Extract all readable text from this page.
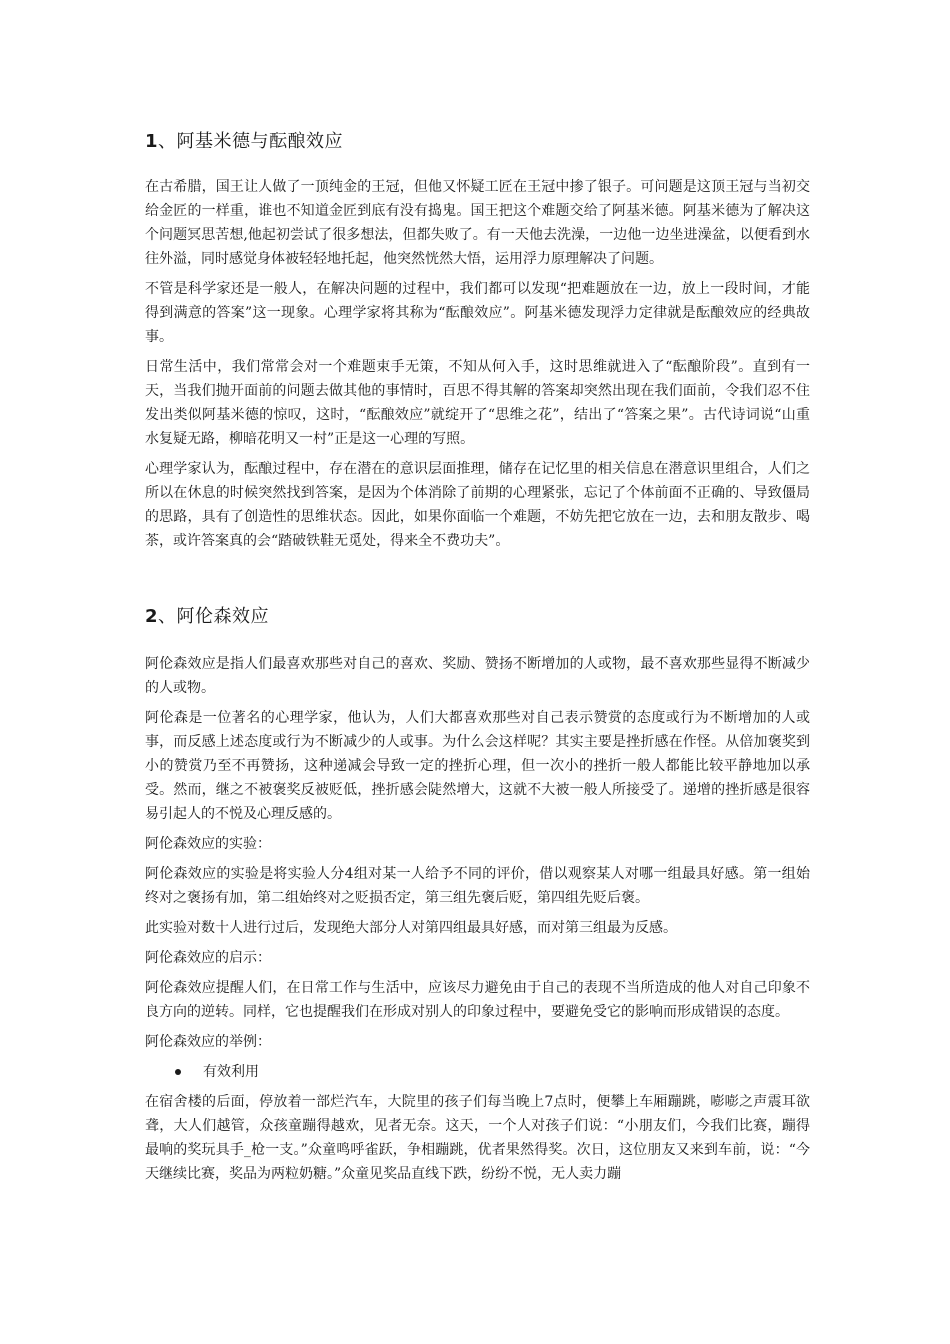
1、阿基米德与酝酿效应

在古希腊，国王让人做了一顶纯金的王冠，但他又怀疑工匠在王冠中掺了银子。可问题是这顶王冠与当初交给金匠的一样重，谁也不知道金匠到底有没有捣鬼。国王把这个难题交给了阿基米德。阿基米德为了解决这个问题冥思苦想,他起初尝试了很多想法，但都失败了。有一天他去洗澡，一边他一边坐进澡盆，以便看到水往外溢，同时感觉身体被轻轻地托起，他突然恍然大悟，运用浮力原理解决了问题。

不管是科学家还是一般人，在解决问题的过程中，我们都可以发现“把难题放在一边，放上一段时间，才能得到满意的答案”这一现象。心理学家将其称为“酝酿效应”。阿基米德发现浮力定律就是酝酿效应的经典故事。

日常生活中，我们常常会对一个难题束手无策，不知从何入手，这时思维就进入了“酝酿阶段”。直到有一天，当我们抛开面前的问题去做其他的事情时，百思不得其解的答案却突然出现在我们面前，令我们忍不住发出类似阿基米德的惊叹，这时，“酝酿效应”就绽开了“思维之花”，结出了“答案之果”。古代诗词说“山重水复疑无路，柳暗花明又一村”正是这一心理的写照。

心理学家认为，酝酿过程中，存在潜在的意识层面推理，储存在记忆里的相关信息在潜意识里组合，人们之所以在休息的时候突然找到答案，是因为个体消除了前期的心理紧张，忘记了个体前面不正确的、导致僵局的思路，具有了创造性的思维状态。因此，如果你面临一个难题，不妨先把它放在一边，去和朋友散步、喝茶，或许答案真的会“踏破铁鞋无觅处，得来全不费功夫”。

2、阿伦森效应

阿伦森效应是指人们最喜欢那些对自己的喜欢、奖励、赞扬不断增加的人或物，最不喜欢那些显得不断减少的人或物。

阿伦森是一位著名的心理学家，他认为，人们大都喜欢那些对自己表示赞赏的态度或行为不断增加的人或事，而反感上述态度或行为不断减少的人或事。为什么会这样呢？其实主要是挫折感在作怪。从倍加褒奖到小的赞赏乃至不再赞扬，这种递减会导致一定的挫折心理，但一次小的挫折一般人都能比较平静地加以承受。然而，继之不被褒奖反被贬低，挫折感会陡然增大，这就不大被一般人所接受了。递增的挫折感是很容易引起人的不悦及心理反感的。

阿伦森效应的实验：

阿伦森效应的实验是将实验人分4组对某一人给予不同的评价，借以观察某人对哪一组最具好感。第一组始终对之褒扬有加，第二组始终对之贬损否定，第三组先褒后贬，第四组先贬后褒。

此实验对数十人进行过后，发现绝大部分人对第四组最具好感，而对第三组最为反感。

阿伦森效应的启示：

阿伦森效应提醒人们，在日常工作与生活中，应该尽力避免由于自己的表现不当所造成的他人对自己印象不良方向的逆转。同样，它也提醒我们在形成对别人的印象过程中，要避免受它的影响而形成错误的态度。

阿伦森效应的举例：

有效利用

在宿舍楼的后面，停放着一部烂汽车，大院里的孩子们每当晚上7点时，便攀上车厢蹦跳，嘭嘭之声震耳欲聋，大人们越管，众孩童蹦得越欢，见者无奈。这天，一个人对孩子们说：“小朋友们，今我们比赛，蹦得最响的奖玩具手_枪一支。”众童鸣呼雀跃，争相蹦跳，优者果然得奖。次日，这位朋友又来到车前，说：“今天继续比赛，奖品为两粒奶糖。”众童见奖品直线下跌，纷纷不悦，无人卖力蹦
